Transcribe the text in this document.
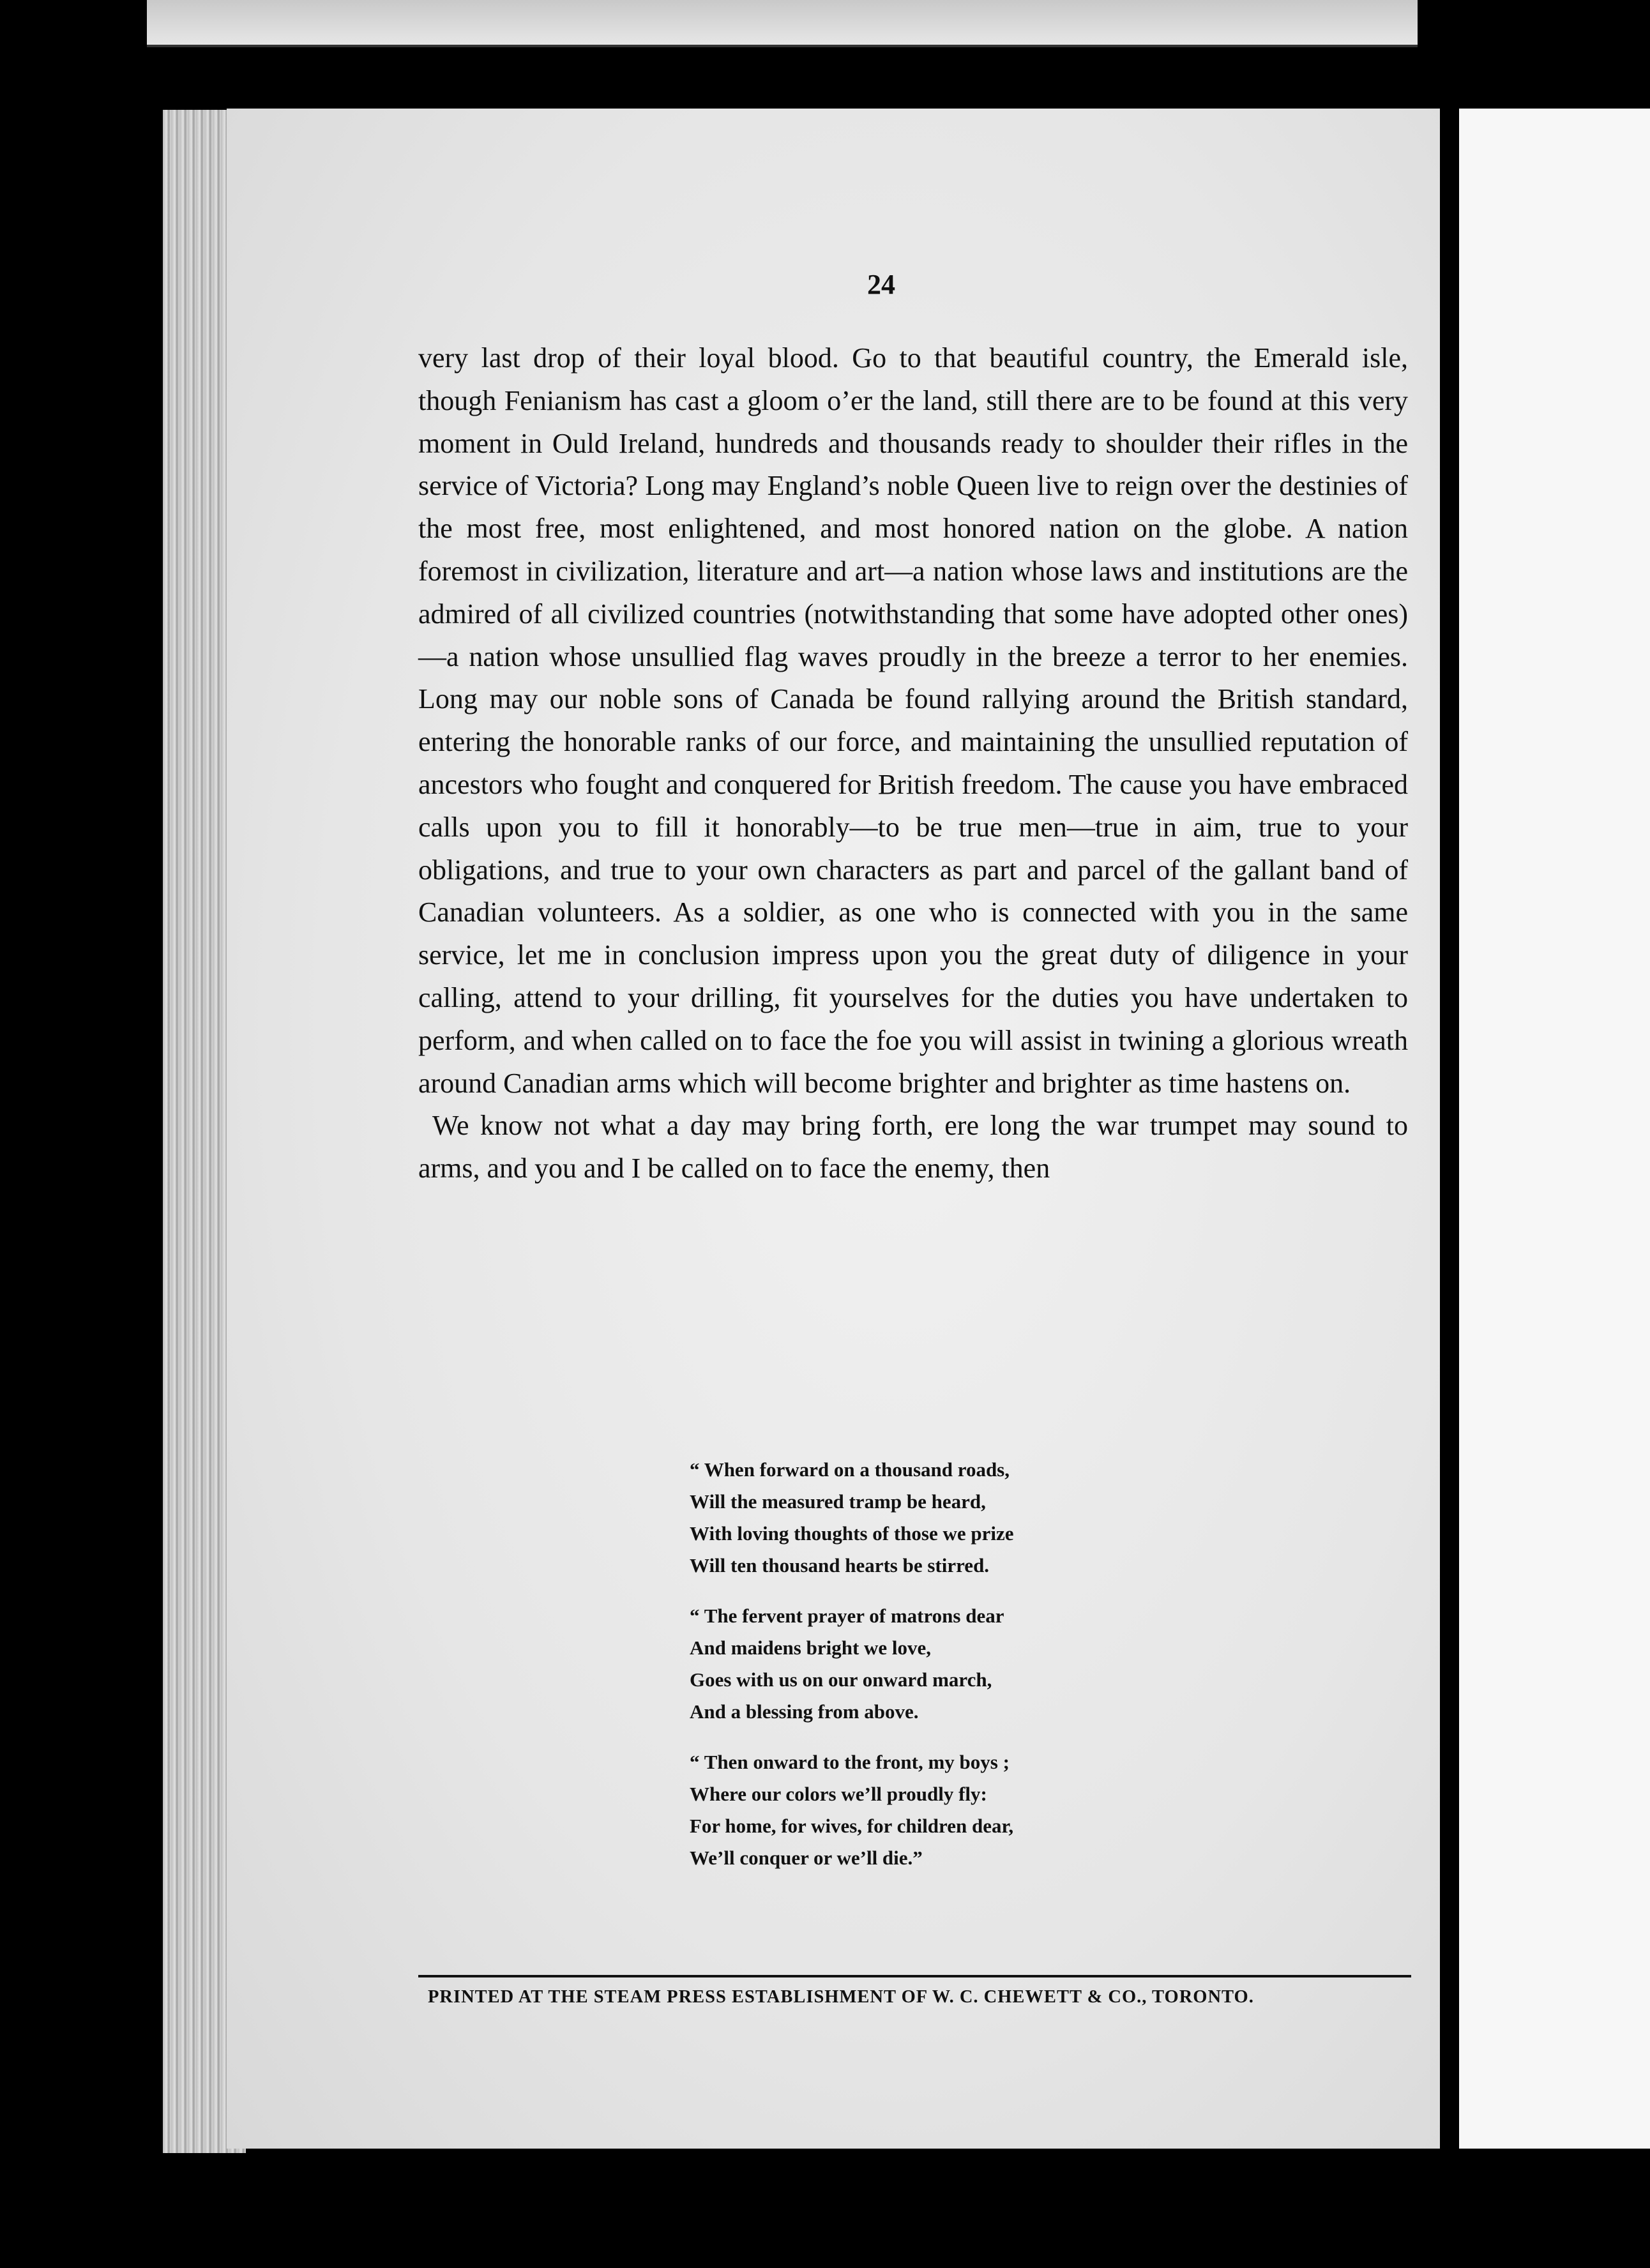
24

very last drop of their loyal blood. Go to that beautiful country, the Emerald isle, though Fenianism has cast a gloom o’er the land, still there are to be found at this very moment in Ould Ireland, hundreds and thousands ready to shoulder their rifles in the service of Victoria? Long may England’s noble Queen live to reign over the destinies of the most free, most enlightened, and most honored nation on the globe. A nation foremost in civilization, literature and art—a nation whose laws and institutions are the admired of all civilized countries (notwithstanding that some have adopted other ones)—a nation whose unsullied flag waves proudly in the breeze a terror to her enemies. Long may our noble sons of Canada be found rallying around the British standard, entering the honorable ranks of our force, and maintaining the unsullied reputation of ancestors who fought and conquered for British freedom. The cause you have embraced calls upon you to fill it honorably—to be true men—true in aim, true to your obligations, and true to your own characters as part and parcel of the gallant band of Canadian volunteers. As a soldier, as one who is connected with you in the same service, let me in conclusion impress upon you the great duty of diligence in your calling, attend to your drilling, fit yourselves for the duties you have undertaken to perform, and when called on to face the foe you will assist in twining a glorious wreath around Canadian arms which will become brighter and brighter as time hastens on.

We know not what a day may bring forth, ere long the war trumpet may sound to arms, and you and I be called on to face the enemy, then

“ When forward on a thousand roads,
Will the measured tramp be heard,
With loving thoughts of those we prize
Will ten thousand hearts be stirred.
“ The fervent prayer of matrons dear
And maidens bright we love,
Goes with us on our onward march,
And a blessing from above.
“ Then onward to the front, my boys ;
Where our colors we’ll proudly fly:
For home, for wives, for children dear,
We’ll conquer or we’ll die.”
PRINTED AT THE STEAM PRESS ESTABLISHMENT OF W. C. CHEWETT & CO., TORONTO.
